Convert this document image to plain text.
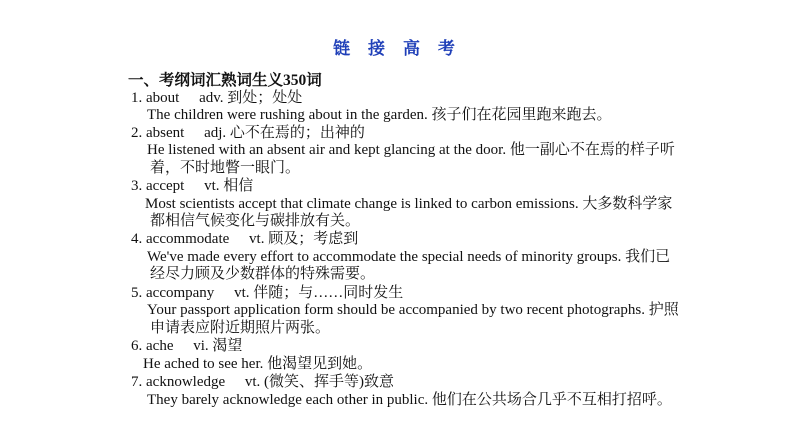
链 接 高 考
一、考纲词汇熟词生义350词
1. about adv. 到处；处处
The children were rushing about in the garden. 孩子们在花园里跑来跑去。
2. absent adj. 心不在焉的；出神的
He listened with an absent air and kept glancing at the door. 他一副心不在焉的样子听
着，不时地瞥一眼门。
3. accept vt. 相信
Most scientists accept that climate change is linked to carbon emissions. 大多数科学家
都相信气候变化与碳排放有关。
4. accommodate vt. 顾及；考虑到
We've made every effort to accommodate the special needs of minority groups. 我们已
经尽力顾及少数群体的特殊需要。
5. accompany vt. 伴随；与……同时发生
Your passport application form should be accompanied by two recent photographs. 护照
申请表应附近期照片两张。
6. ache vi. 渴望
He ached to see her. 他渴望见到她。
7. acknowledge vt. (微笑、挥手等)致意
They barely acknowledge each other in public. 他们在公共场合几乎不互相打招呼。
